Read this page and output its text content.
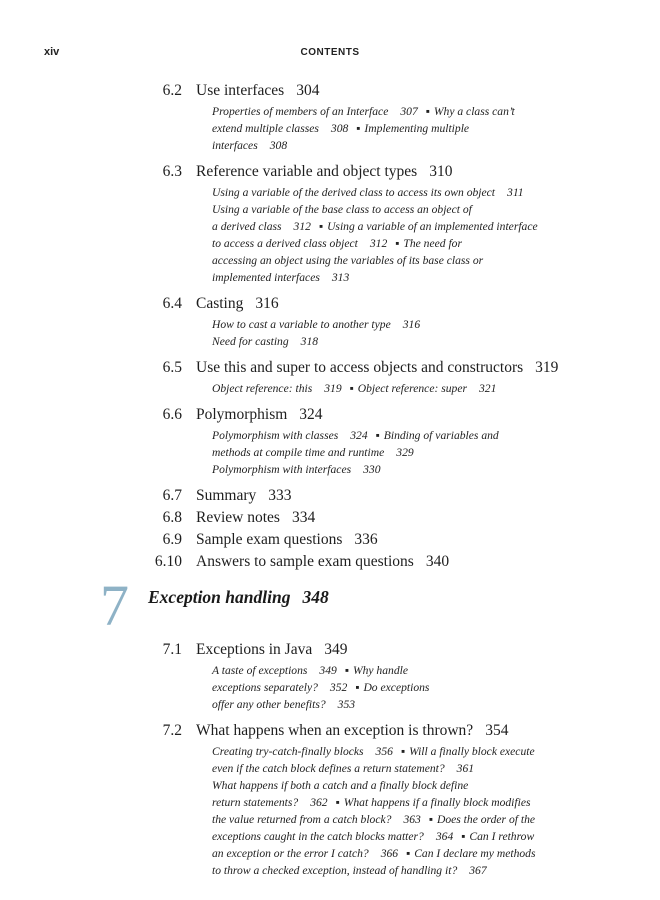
xiv	CONTENTS
6.2 Use interfaces 304
Properties of members of an Interface 307 ▪ Why a class can’t
extend multiple classes 308 ▪ Implementing multiple
interfaces 308
6.3 Reference variable and object types 310
Using a variable of the derived class to access its own object 311
Using a variable of the base class to access an object of
a derived class 312 ▪ Using a variable of an implemented interface
to access a derived class object 312 ▪ The need for
accessing an object using the variables of its base class or
implemented interfaces 313
6.4 Casting 316
How to cast a variable to another type 316
Need for casting 318
6.5 Use this and super to access objects and constructors 319
Object reference: this 319 ▪ Object reference: super 321
6.6 Polymorphism 324
Polymorphism with classes 324 ▪ Binding of variables and
methods at compile time and runtime 329
Polymorphism with interfaces 330
6.7 Summary 333
6.8 Review notes 334
6.9 Sample exam questions 336
6.10 Answers to sample exam questions 340
7 Exception handling 348
7.1 Exceptions in Java 349
A taste of exceptions 349 ▪ Why handle
exceptions separately? 352 ▪ Do exceptions
offer any other benefits? 353
7.2 What happens when an exception is thrown? 354
Creating try-catch-finally blocks 356 ▪ Will a finally block execute
even if the catch block defines a return statement? 361
What happens if both a catch and a finally block define
return statements? 362 ▪ What happens if a finally block modifies
the value returned from a catch block? 363 ▪ Does the order of the
exceptions caught in the catch blocks matter? 364 ▪ Can I rethrow
an exception or the error I catch? 366 ▪ Can I declare my methods
to throw a checked exception, instead of handling it? 367
